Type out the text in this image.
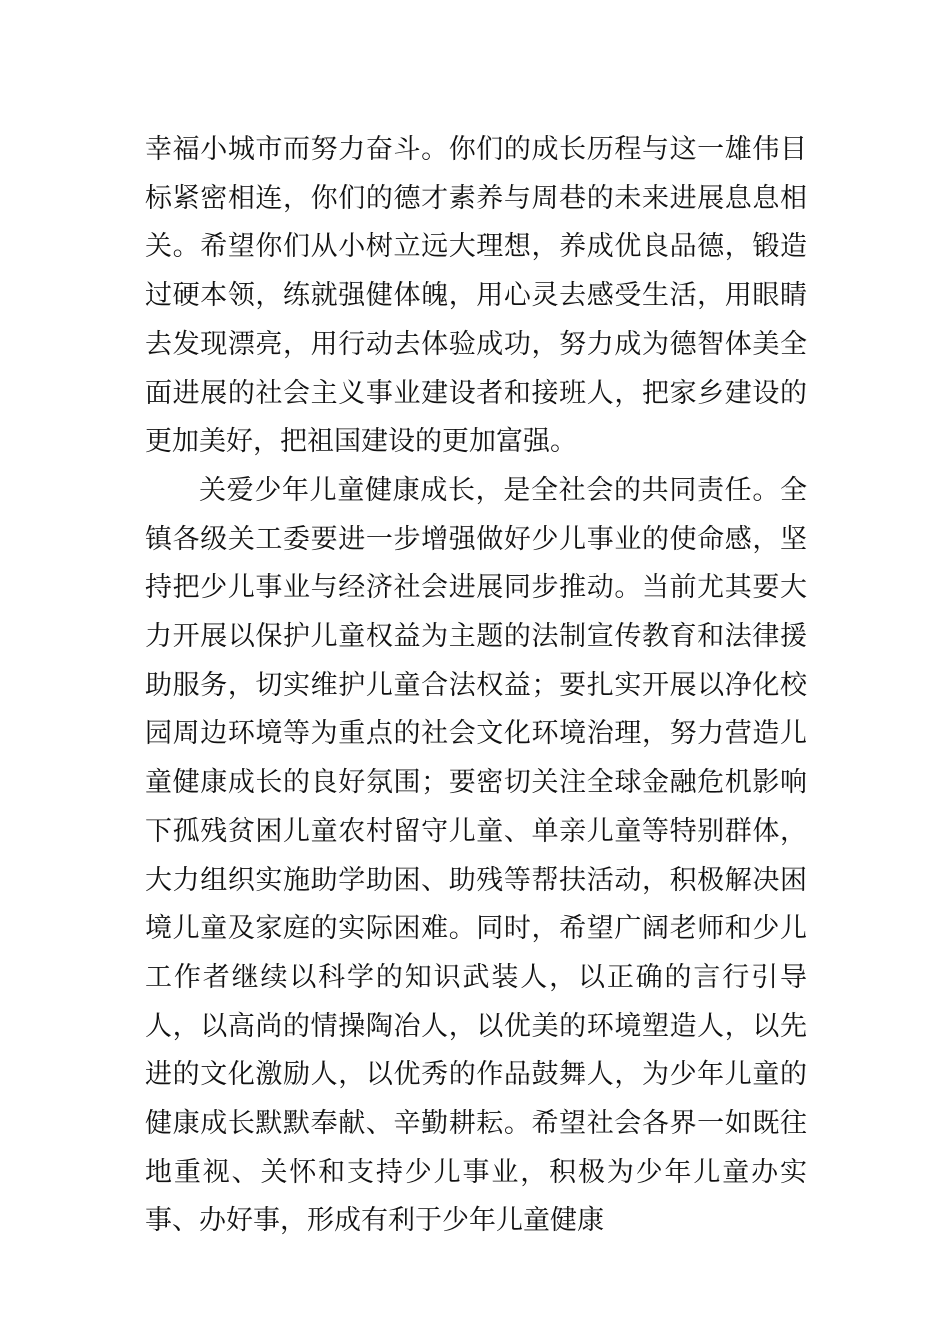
幸福小城市而努力奋斗。你们的成长历程与这一雄伟目标紧密相连，你们的德才素养与周巷的未来进展息息相关。希望你们从小树立远大理想，养成优良品德，锻造过硬本领，练就强健体魄，用心灵去感受生活，用眼睛去发现漂亮，用行动去体验成功，努力成为德智体美全面进展的社会主义事业建设者和接班人，把家乡建设的更加美好，把祖国建设的更加富强。

关爱少年儿童健康成长，是全社会的共同责任。全镇各级关工委要进一步增强做好少儿事业的使命感，坚持把少儿事业与经济社会进展同步推动。当前尤其要大力开展以保护儿童权益为主题的法制宣传教育和法律援助服务，切实维护儿童合法权益；要扎实开展以净化校园周边环境等为重点的社会文化环境治理，努力营造儿童健康成长的良好氛围；要密切关注全球金融危机影响下孤残贫困儿童农村留守儿童、单亲儿童等特别群体，大力组织实施助学助困、助残等帮扶活动，积极解决困境儿童及家庭的实际困难。同时，希望广阔老师和少儿工作者继续以科学的知识武装人，以正确的言行引导人，以高尚的情操陶冶人，以优美的环境塑造人，以先进的文化激励人，以优秀的作品鼓舞人，为少年儿童的健康成长默默奉献、辛勤耕耘。希望社会各界一如既往地重视、关怀和支持少儿事业，积极为少年儿童办实事、办好事，形成有利于少年儿童健康
